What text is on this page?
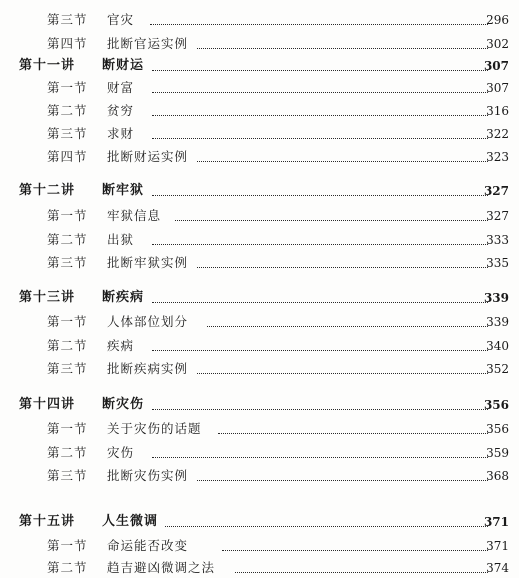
第三节 官灾	296
第四节 批断官运实例	302
第十一讲 断财运	307
第一节 财富	307
第二节 贫穷	316
第三节 求财	322
第四节 批断财运实例	323
第十二讲 断牢狱	327
第一节 牢狱信息	327
第二节 出狱	333
第三节 批断牢狱实例	335
第十三讲 断疾病	339
第一节 人体部位划分	339
第二节 疾病	340
第三节 批断疾病实例	352
第十四讲 断灾伤	356
第一节 关于灾伤的话题	356
第二节 灾伤	359
第三节 批断灾伤实例	368
第十五讲 人生微调	371
第一节 命运能否改变	371
第二节 趋吉避凶微调之法	374
